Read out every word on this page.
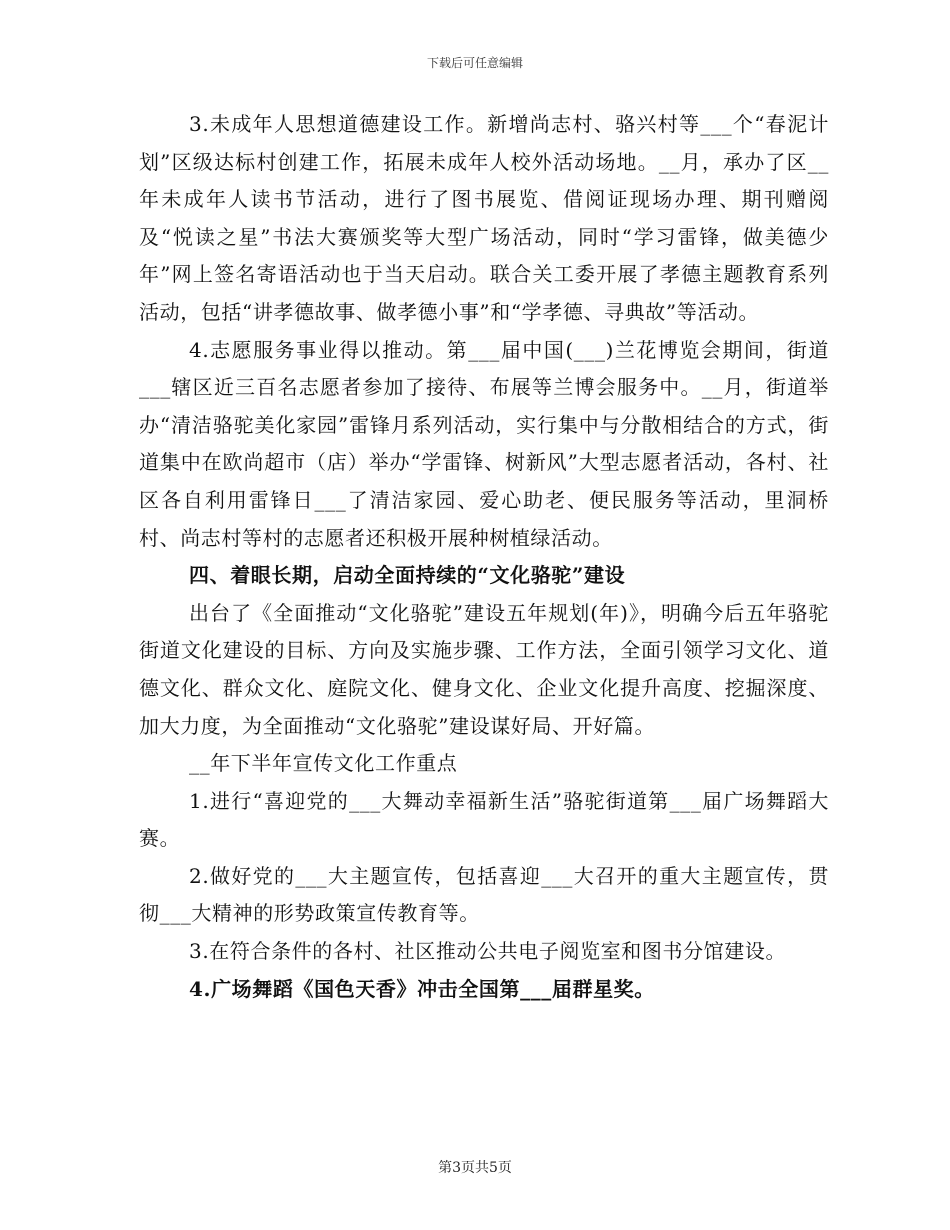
下载后可任意编辑

3.未成年人思想道德建设工作。新增尚志村、骆兴村等___个“春泥计划”区级达标村创建工作，拓展未成年人校外活动场地。__月，承办了区__年未成年人读书节活动，进行了图书展览、借阅证现场办理、期刊赠阅及“悦读之星”书法大赛颁奖等大型广场活动，同时“学习雷锋，做美德少年”网上签名寄语活动也于当天启动。联合关工委开展了孝德主题教育系列活动，包括“讲孝德故事、做孝德小事”和“学孝德、寻典故”等活动。

4.志愿服务事业得以推动。第___届中国(___)兰花博览会期间，街道___辖区近三百名志愿者参加了接待、布展等兰博会服务中。__月，街道举办“清洁骆驼美化家园”雷锋月系列活动，实行集中与分散相结合的方式，街道集中在欧尚超市（店）举办“学雷锋、树新风”大型志愿者活动，各村、社区各自利用雷锋日___了清洁家园、爱心助老、便民服务等活动，里洞桥村、尚志村等村的志愿者还积极开展种树植绿活动。

四、着眼长期，启动全面持续的“文化骆驼”建设

出台了《全面推动“文化骆驼”建设五年规划(年)》，明确今后五年骆驼街道文化建设的目标、方向及实施步骤、工作方法，全面引领学习文化、道德文化、群众文化、庭院文化、健身文化、企业文化提升高度、挖掘深度、加大力度，为全面推动“文化骆驼”建设谋好局、开好篇。

__年下半年宣传文化工作重点

1.进行“喜迎党的___大舞动幸福新生活”骆驼街道第___届广场舞蹈大赛。

2.做好党的___大主题宣传，包括喜迎___大召开的重大主题宣传，贯彻___大精神的形势政策宣传教育等。

3.在符合条件的各村、社区推动公共电子阅览室和图书分馆建设。

4.广场舞蹈《国色天香》冲击全国第___届群星奖。

第3页共5页
